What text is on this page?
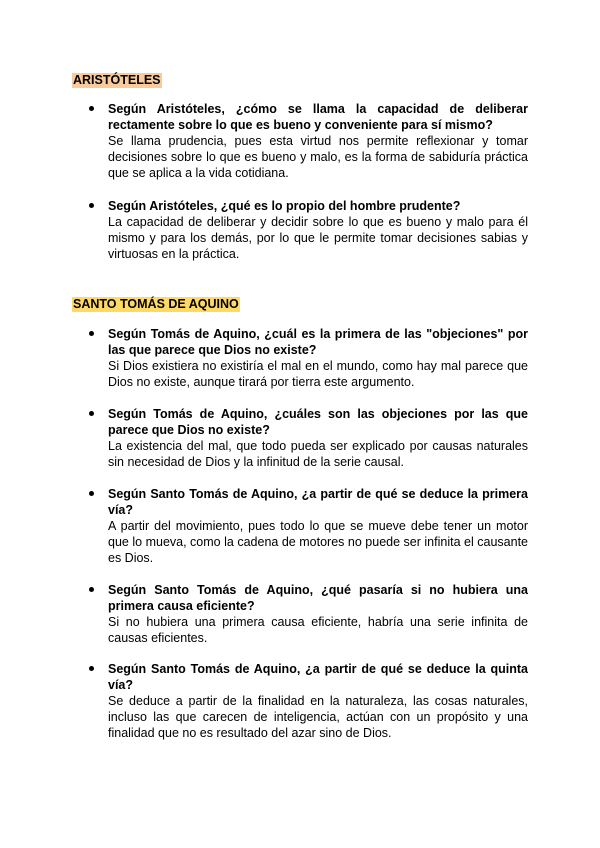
ARISTÓTELES
Según Aristóteles, ¿cómo se llama la capacidad de deliberar rectamente sobre lo que es bueno y conveniente para sí mismo?
Se llama prudencia, pues esta virtud nos permite reflexionar y tomar decisiones sobre lo que es bueno y malo, es la forma de sabiduría práctica que se aplica a la vida cotidiana.
Según Aristóteles, ¿qué es lo propio del hombre prudente?
La capacidad de deliberar y decidir sobre lo que es bueno y malo para él mismo y para los demás, por lo que le permite tomar decisiones sabias y virtuosas en la práctica.
SANTO TOMÁS DE AQUINO
Según Tomás de Aquino, ¿cuál es la primera de las "objeciones" por las que parece que Dios no existe?
Si Dios existiera no existiría el mal en el mundo, como hay mal parece que Dios no existe, aunque tirará por tierra este argumento.
Según Tomás de Aquino, ¿cuáles son las objeciones por las que parece que Dios no existe?
La existencia del mal, que todo pueda ser explicado por causas naturales sin necesidad de Dios y la infinitud de la serie causal.
Según Santo Tomás de Aquino, ¿a partir de qué se deduce la primera vía?
A partir del movimiento, pues todo lo que se mueve debe tener un motor que lo mueva, como la cadena de motores no puede ser infinita el causante es Dios.
Según Santo Tomás de Aquino, ¿qué pasaría si no hubiera una primera causa eficiente?
Si no hubiera una primera causa eficiente, habría una serie infinita de causas eficientes.
Según Santo Tomás de Aquino, ¿a partir de qué se deduce la quinta vía?
Se deduce a partir de la finalidad en la naturaleza, las cosas naturales, incluso las que carecen de inteligencia, actúan con un propósito y una finalidad que no es resultado del azar sino de Dios.
